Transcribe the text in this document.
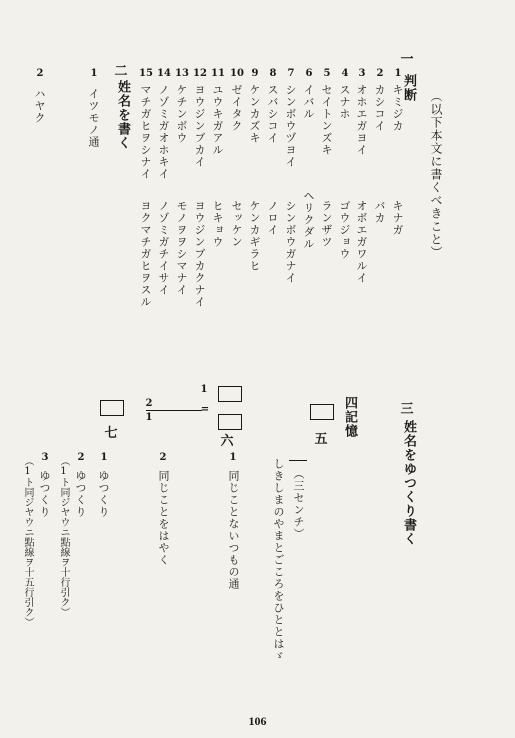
一
判断
（以下本文に書くべきこと）
1
キミジカ
キナガ
2
カシコイ
バカ
3
オホエガヨイ
オボエガワルイ
4
スナホ
ゴウジョウ
5
セイトンズキ
ランザツ
6
イバル
ヘリクダル
7
シンボウヅヨイ
シンボウガナイ
8
スバシコイ
ノロイ
9
ケンカズキ
ケンカギラヒ
10
ゼイタク
セッケン
11
ユウキガアル
ヒキョウ
12
ヨウジンブカイ
ヨウジンブカクナイ
13
ケチンボウ
モノヲヲシマナイ
14
ノゾミガオホキイ
ノゾミガチイサイ
15
マチガヒヲシナイ
ヨクマチガヒヲスル
二
姓名を書く
1
イツモノ通
2
ハヤク
三
姓名をゆつくり書く
四記憶
五
（三センチ）
しきしまのやまとごころをひととはゞ
1
2
1
=
六
1
同じことないつもの通
2
同じことをはやく
七
1
ゆつくり
2
ゆつくり
（1ト同ジヤウニ點線ヲ十行引ク）
3
ゆつくり
（1ト同ジヤウニ點線ヲ十五行引ク）
106
